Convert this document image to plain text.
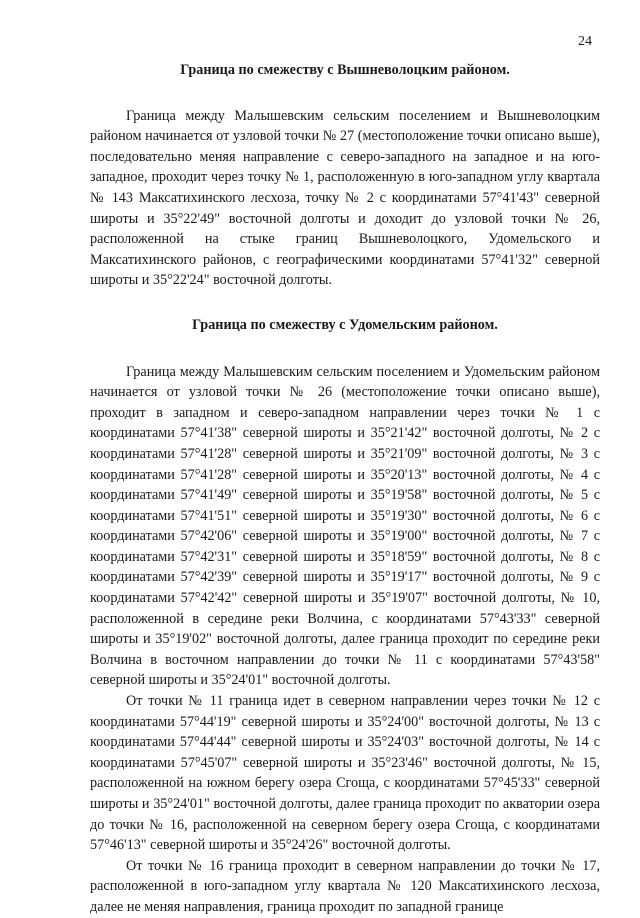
24
Граница по смежеству с Вышневолоцким районом.

Граница между Малышевским сельским поселением и Вышневолоцким районом начинается от узловой точки № 27 (местоположение точки описано выше), последовательно меняя направление с северо-западного на западное и на юго-западное, проходит через точку № 1, расположенную в юго-западном углу квартала № 143 Максатихинского лесхоза, точку № 2 с координатами 57°41'43" северной широты и 35°22'49" восточной долготы и доходит до узловой точки № 26, расположенной на стыке границ Вышневолоцкого, Удомельского и Максатихинского районов, с географическими координатами 57°41'32" северной широты и 35°22'24" восточной долготы.

Граница по смежеству с Удомельским районом.

Граница между Малышевским сельским поселением и Удомельским районом начинается от узловой точки № 26 (местоположение точки описано выше), проходит в западном и северо-западном направлении через точки № 1 с координатами 57°41'38" северной широты и 35°21'42" восточной долготы, № 2 с координатами 57°41'28" северной широты и 35°21'09" восточной долготы, № 3 с координатами 57°41'28" северной широты и 35°20'13" восточной долготы, № 4 с координатами 57°41'49" северной широты и 35°19'58" восточной долготы, № 5 с координатами 57°41'51" северной широты и 35°19'30" восточной долготы, № 6 с координатами 57°42'06" северной широты и 35°19'00" восточной долготы, № 7 с координатами 57°42'31" северной широты и 35°18'59" восточной долготы, № 8 с координатами 57°42'39" северной широты и 35°19'17" восточной долготы, № 9 с координатами 57°42'42" северной широты и 35°19'07" восточной долготы, № 10, расположенной в середине реки Волчина, с координатами 57°43'33" северной широты и 35°19'02" восточной долготы, далее граница проходит по середине реки Волчина в восточном направлении до точки № 11 с координатами 57°43'58" северной широты и 35°24'01" восточной долготы.

От точки № 11 граница идет в северном направлении через точки № 12 с координатами 57°44'19" северной широты и 35°24'00" восточной долготы, № 13 с координатами 57°44'44" северной широты и 35°24'03" восточной долготы, № 14 с координатами 57°45'07" северной широты и 35°23'46" восточной долготы, № 15, расположенной на южном берегу озера Сгоща, с координатами 57°45'33" северной широты и 35°24'01" восточной долготы, далее граница проходит по акватории озера до точки № 16, расположенной на северном берегу озера Сгоща, с координатами 57°46'13" северной широты и 35°24'26" восточной долготы.

От точки № 16 граница проходит в северном направлении до точки № 17, расположенной в юго-западном углу квартала № 120 Максатихинского лесхоза, далее не меняя направления, граница проходит по западной границе
